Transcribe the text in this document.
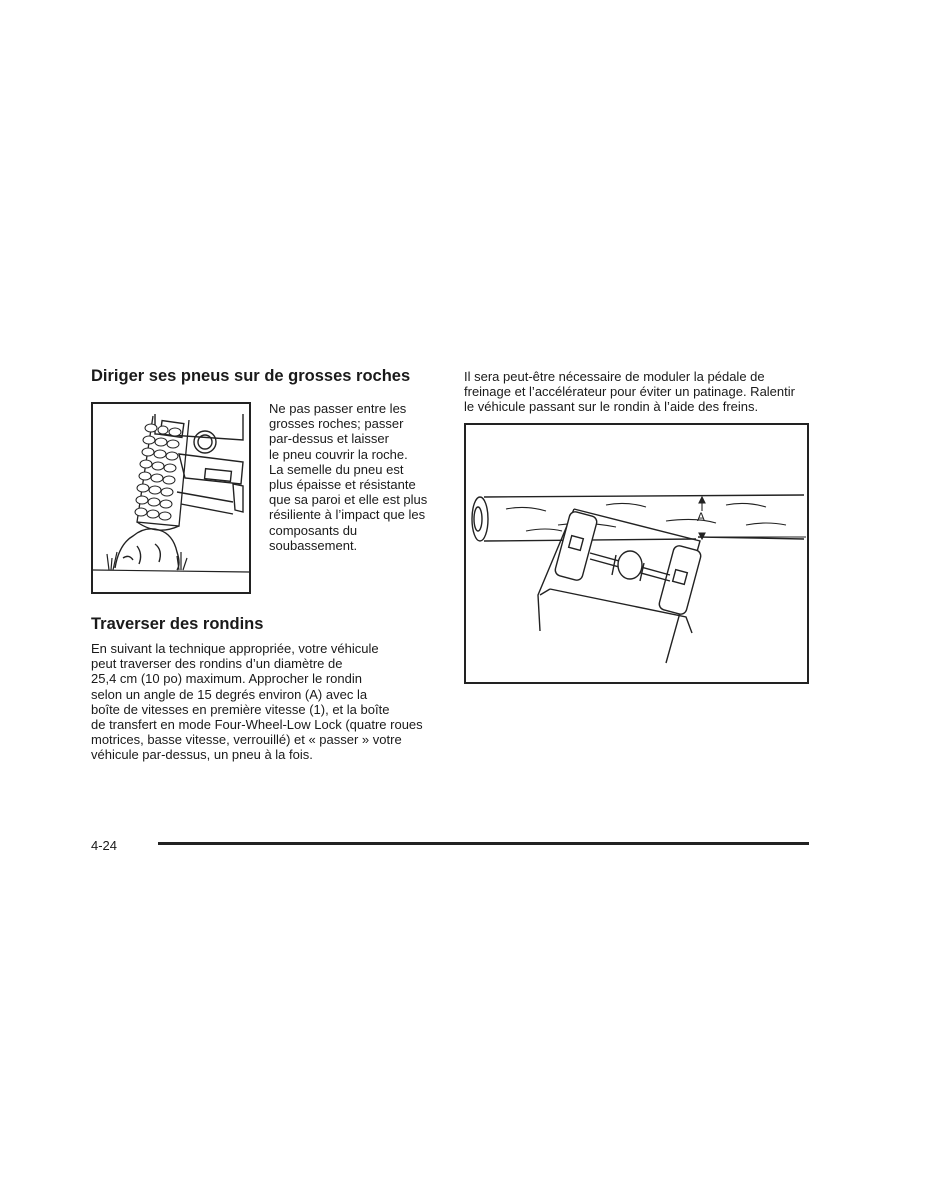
Diriger ses pneus sur de grosses roches
Ne pas passer entre les
grosses roches; passer
par-dessus et laisser
le pneu couvrir la roche.
La semelle du pneu est
plus épaisse et résistante
que sa paroi et elle est plus
résiliente à l’impact que les
composants du
soubassement.
Traverser des rondins
En suivant la technique appropriée, votre véhicule
peut traverser des rondins d’un diamètre de
25,4 cm (10 po) maximum. Approcher le rondin
selon un angle de 15 degrés environ (A) avec la
boîte de vitesses en première vitesse (1), et la boîte
de transfert en mode Four-Wheel-Low Lock (quatre roues
motrices, basse vitesse, verrouillé) et « passer » votre
véhicule par-dessus, un pneu à la fois.
Il sera peut-être nécessaire de moduler la pédale de
freinage et l’accélérateur pour éviter un patinage. Ralentir
le véhicule passant sur le rondin à l’aide des freins.
A
4-24
